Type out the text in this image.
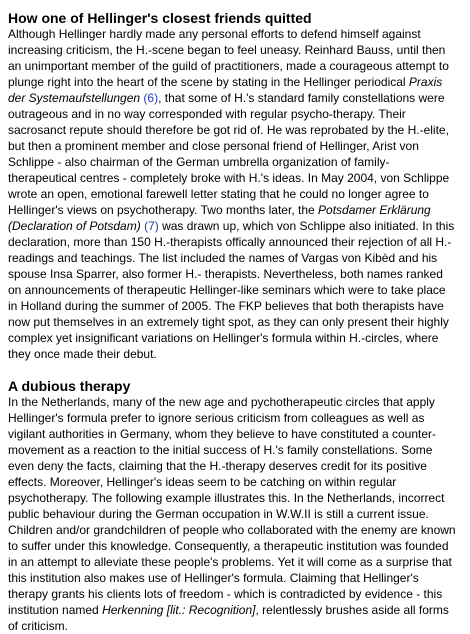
How one of Hellinger's closest friends quitted

Although Hellinger hardly made any personal efforts to defend himself against increasing criticism, the H.-scene began to feel uneasy. Reinhard Bauss, until then an unimportant member of the guild of practitioners, made a courageous attempt to plunge right into the heart of the scene by stating in the Hellinger periodical Praxis der Systemaufstellungen (6), that some of H.'s standard family constellations were outrageous and in no way corresponded with regular psycho-therapy. Their sacrosanct repute should therefore be got rid of. He was reprobated by the H.-elite, but then a prominent member and close personal friend of Hellinger, Arist von Schlippe - also chairman of the German umbrella organization of family-therapeutical centres - completely broke with H.'s ideas. In May 2004, von Schlippe wrote an open, emotional farewell letter stating that he could no longer agree to Hellinger's views on psychotherapy. Two months later, the Potsdamer Erklärung (Declaration of Potsdam) (7) was drawn up, which von Schlippe also initiated. In this declaration, more than 150 H.-therapists offically announced their rejection of all H.-readings and teachings. The list included the names of Vargas von Kibèd and his spouse Insa Sparrer, also former H.- therapists. Nevertheless, both names ranked on announcements of therapeutic Hellinger-like seminars which were to take place in Holland during the summer of 2005. The FKP believes that both therapists have now put themselves in an extremely tight spot, as they can only present their highly complex yet insignificant variations on Hellinger's formula within H.-circles, where they once made their debut.

A dubious therapy

In the Netherlands, many of the new age and pychotherapeutic circles that apply Hellinger's formula prefer to ignore serious criticism from colleagues as well as vigilant authorities in Germany, whom they believe to have constituted a counter-movement as a reaction to the initial success of H.'s family constellations. Some even deny the facts, claiming that the H.-therapy deserves credit for its positive effects. Moreover, Hellinger's ideas seem to be catching on within regular psychotherapy. The following example illustrates this. In the Netherlands, incorrect public behaviour during the German occupation in W.W.II is still a current issue. Children and/or grandchildren of people who collaborated with the enemy are known to suffer under this knowledge. Consequently, a therapeutic institution was founded in an attempt to alleviate these people's problems. Yet it will come as a surprise that this institution also makes use of Hellinger's formula. Claiming that Hellinger's therapy grants his clients lots of freedom - which is contradicted by evidence - this institution named Herkenning [lit.: Recognition], relentlessly brushes aside all forms of criticism.
